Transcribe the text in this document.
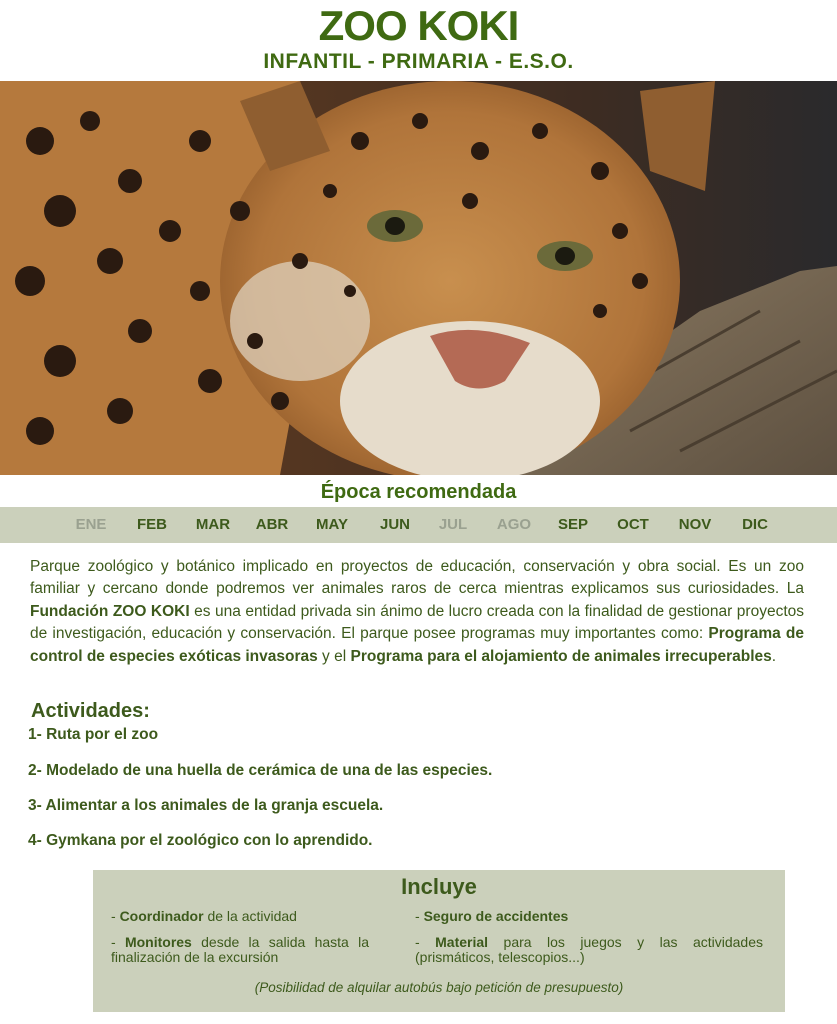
ZOO KOKI
INFANTIL - PRIMARIA - E.S.O.
Época recomendada
ENE	FEB	MAR	ABR	MAY	JUN	JUL	AGO	SEP	OCT	NOV	DIC
Parque zoológico y botánico implicado en proyectos de educación, conservación y obra social. Es un zoo familiar y cercano donde podremos ver animales raros de cerca mientras explicamos sus curiosidades. La Fundación ZOO KOKI es una entidad privada sin ánimo de lucro creada con la finalidad de gestionar proyectos de investigación, educación y conservación. El parque posee programas muy importantes como: Programa de control de especies exóticas invasoras y el Programa para el alojamiento de animales irrecuperables.
Actividades:
1- Ruta por el zoo
2- Modelado de una huella de cerámica de una de las especies.
3- Alimentar a los animales de la granja escuela.
4- Gymkana por el zoológico con lo aprendido.
Incluye
- Coordinador de la actividad	- Seguro de accidentes
- Monitores desde la salida hasta la finalización de la excursión
- Material para los juegos y las actividades (prismáticos, telescopios...)
(Posibilidad de alquilar autobús bajo petición de presupuesto)
